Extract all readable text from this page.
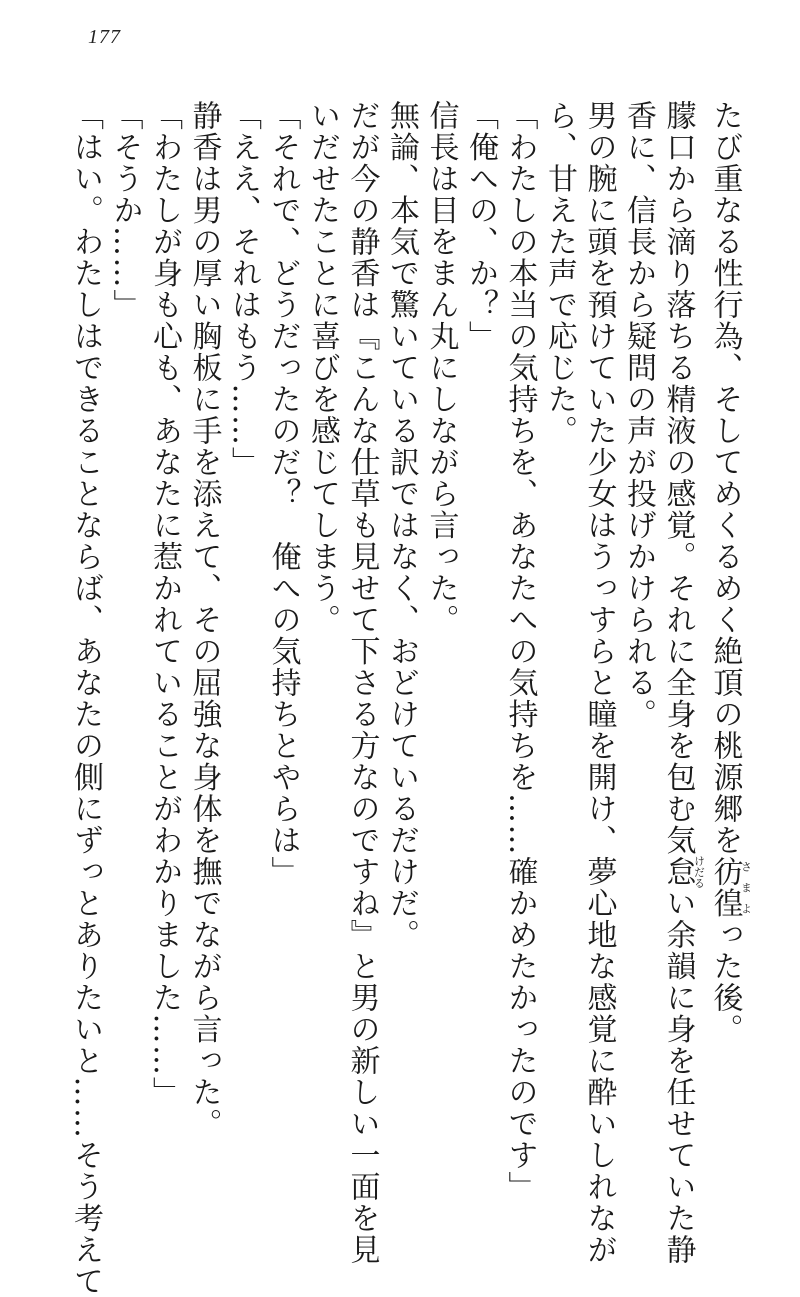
177

たび重なる性行為、そしてめくるめく絶頂の桃源郷を彷徨さまよった後。

朦口から滴り落ちる精液の感覚。それに全身を包む気怠けだるい余韻に身を任せていた静

香に、信長から疑問の声が投げかけられる。

男の腕に頭を預けていた少女はうっすらと瞳を開け、夢心地な感覚に酔いしれなが

ら、甘えた声で応じた。

「わたしの本当の気持ちを、あなたへの気持ちを……確かめたかったのです」

「俺への、か？」

信長は目をまん丸にしながら言った。

無論、本気で驚いている訳ではなく、おどけているだけだ。

だが今の静香は『こんな仕草も見せて下さる方なのですね』と男の新しい一面を見

いだせたことに喜びを感じてしまう。

「それで、どうだったのだ？　俺への気持ちとやらは」

「ええ、それはもう……」

静香は男の厚い胸板に手を添えて、その屈強な身体を撫でながら言った。

「わたしが身も心も、あなたに惹かれていることがわかりました……」

「そうか……」

「はい。わたしはできることならば、あなたの側にずっとありたいと……そう考えて
